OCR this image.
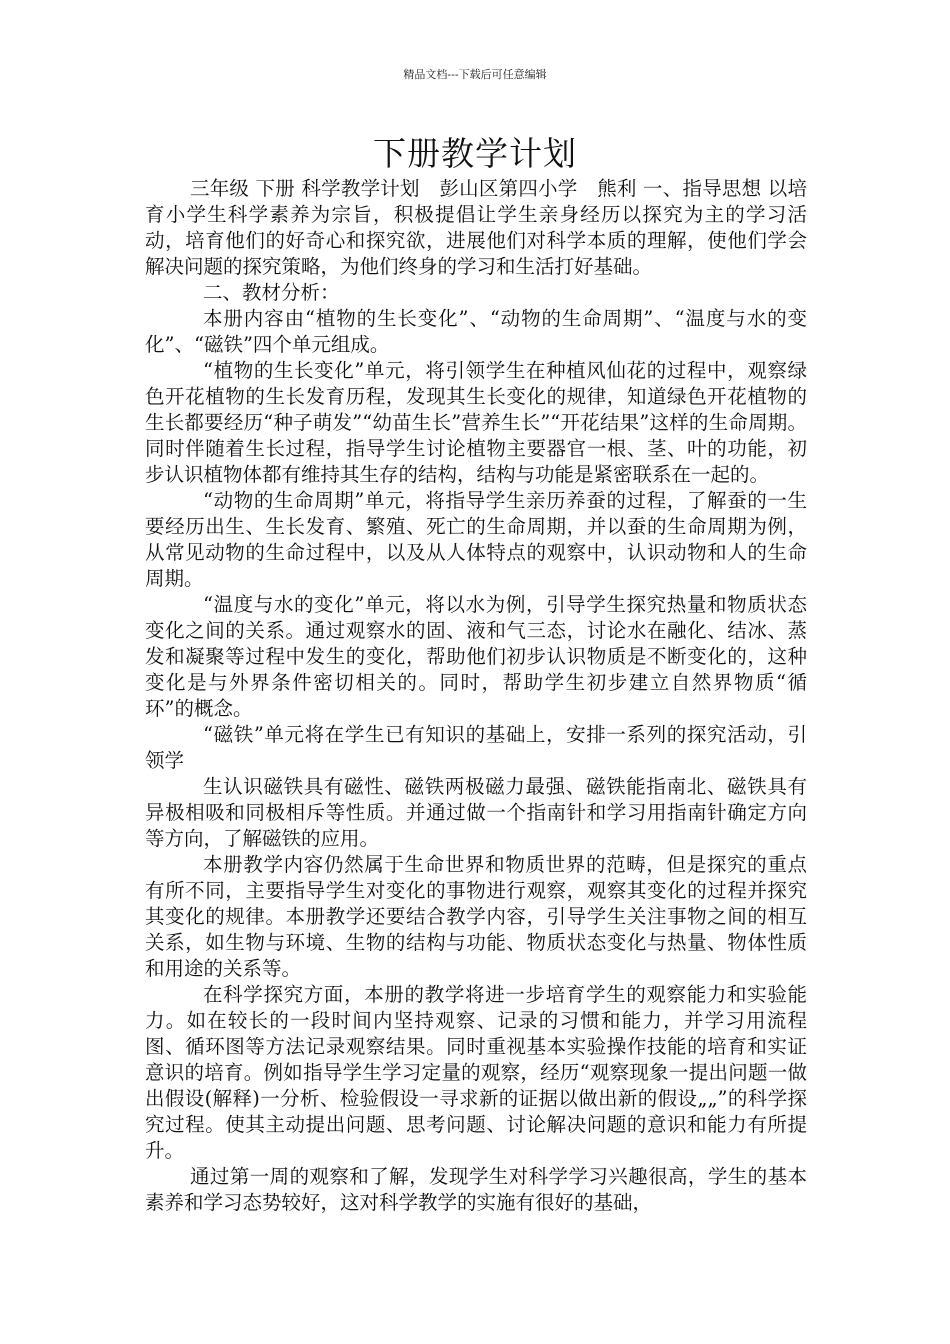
精品文档---下载后可任意编辑
下册教学计划

三年级 下册 科学教学计划　彭山区第四小学　熊利 一、指导思想 以培育小学生科学素养为宗旨，积极提倡让学生亲身经历以探究为主的学习活动，培育他们的好奇心和探究欲，进展他们对科学本质的理解，使他们学会解决问题的探究策略，为他们终身的学习和生活打好基础。

二、教材分析：

本册内容由“植物的生长变化”、“动物的生命周期”、“温度与水的变化”、“磁铁”四个单元组成。

“植物的生长变化”单元，将引领学生在种植风仙花的过程中，观察绿色开花植物的生长发育历程，发现其生长变化的规律，知道绿色开花植物的生长都要经历“种子萌发”“幼苗生长”营养生长”“开花结果”这样的生命周期。同时伴随着生长过程，指导学生讨论植物主要器官一根、茎、叶的功能，初步认识植物体都有维持其生存的结构，结构与功能是紧密联系在一起的。

“动物的生命周期”单元，将指导学生亲历养蚕的过程，了解蚕的一生要经历出生、生长发育、繁殖、死亡的生命周期，并以蚕的生命周期为例，从常见动物的生命过程中，以及从人体特点的观察中，认识动物和人的生命周期。

“温度与水的变化”单元，将以水为例，引导学生探究热量和物质状态变化之间的关系。通过观察水的固、液和气三态，讨论水在融化、结冰、蒸发和凝聚等过程中发生的变化，帮助他们初步认识物质是不断变化的，这种变化是与外界条件密切相关的。同时，帮助学生初步建立自然界物质“循环”的概念。

“磁铁”单元将在学生已有知识的基础上，安排一系列的探究活动，引领学

生认识磁铁具有磁性、磁铁两极磁力最强、磁铁能指南北、磁铁具有异极相吸和同极相斥等性质。并通过做一个指南针和学习用指南针确定方向等方向，了解磁铁的应用。

本册教学内容仍然属于生命世界和物质世界的范畴，但是探究的重点有所不同，主要指导学生对变化的事物进行观察，观察其变化的过程并探究其变化的规律。本册教学还要结合教学内容，引导学生关注事物之间的相互关系，如生物与环境、生物的结构与功能、物质状态变化与热量、物体性质和用途的关系等。

在科学探究方面，本册的教学将进一步培育学生的观察能力和实验能力。如在较长的一段时间内坚持观察、记录的习惯和能力，并学习用流程图、循环图等方法记录观察结果。同时重视基本实验操作技能的培育和实证意识的培育。例如指导学生学习定量的观察，经历“观察现象一提出问题一做出假设(解释)一分析、检验假设一寻求新的证据以做出新的假设„„”的科学探究过程。使其主动提出问题、思考问题、讨论解决问题的意识和能力有所提升。

通过第一周的观察和了解，发现学生对科学学习兴趣很高，学生的基本素养和学习态势较好，这对科学教学的实施有很好的基础，
